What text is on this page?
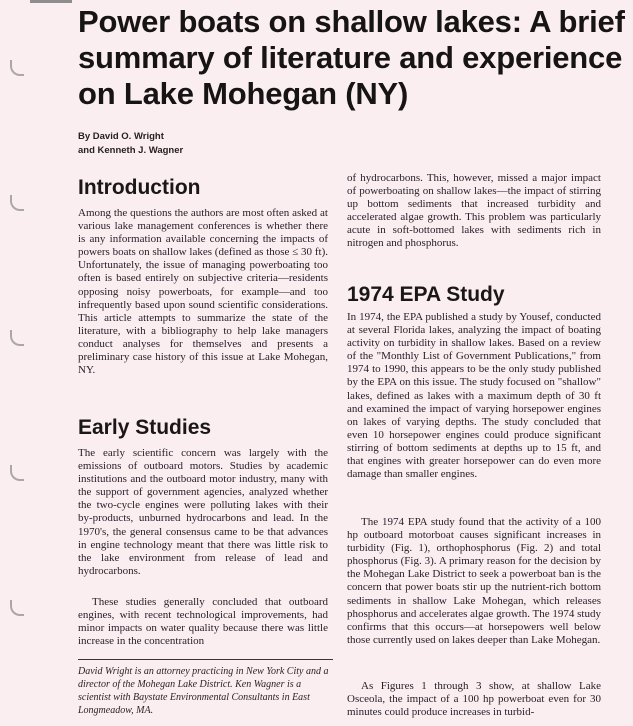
Power boats on shallow lakes: A brief summary of literature and experience on Lake Mohegan (NY)
By David O. Wright
and Kenneth J. Wagner
Introduction

Among the questions the authors are most often asked at various lake management conferences is whether there is any information available concerning the impacts of powers boats on shallow lakes (defined as those ≤ 30 ft). Unfortunately, the issue of managing powerboating too often is based entirely on subjective criteria—residents opposing noisy powerboats, for example—and too infrequently based upon sound scientific considerations. This article attempts to summarize the state of the literature, with a bibliography to help lake managers conduct analyses for themselves and presents a preliminary case history of this issue at Lake Mohegan, NY.

Early Studies

The early scientific concern was largely with the emissions of outboard motors. Studies by academic institutions and the outboard motor industry, many with the support of government agencies, analyzed whether the two-cycle engines were polluting lakes with their by-products, unburned hydrocarbons and lead. In the 1970's, the general consensus came to be that advances in engine technology meant that there was little risk to the lake environment from release of lead and hydrocarbons.

These studies generally concluded that outboard engines, with recent technological improvements, had minor impacts on water quality because there was little increase in the concentration

David Wright is an attorney practicing in New York City and a director of the Mohegan Lake District. Ken Wagner is a scientist with Baystate Environmental Consultants in East Longmeadow, MA.

of hydrocarbons. This, however, missed a major impact of powerboating on shallow lakes—the impact of stirring up bottom sediments that increased turbidity and accelerated algae growth. This problem was particularly acute in soft-bottomed lakes with sediments rich in nitrogen and phosphorus.

1974 EPA Study

In 1974, the EPA published a study by Yousef, conducted at several Florida lakes, analyzing the impact of boating activity on turbidity in shallow lakes. Based on a review of the "Monthly List of Government Publications," from 1974 to 1990, this appears to be the only study published by the EPA on this issue. The study focused on "shallow" lakes, defined as lakes with a maximum depth of 30 ft and examined the impact of varying horsepower engines on lakes of varying depths. The study concluded that even 10 horsepower engines could produce significant stirring of bottom sediments at depths up to 15 ft, and that engines with greater horsepower can do even more damage than smaller engines.

The 1974 EPA study found that the activity of a 100 hp outboard motorboat causes significant increases in turbidity (Fig. 1), orthophosphorus (Fig. 2) and total phosphorus (Fig. 3). A primary reason for the decision by the Mohegan Lake District to seek a powerboat ban is the concern that power boats stir up the nutrient-rich bottom sediments in shallow Lake Mohegan, which releases phosphorus and accelerates algae growth. The 1974 study confirms that this occurs—at horsepowers well below those currently used on lakes deeper than Lake Mohegan.

As Figures 1 through 3 show, at shallow Lake Osceola, the impact of a 100 hp powerboat even for 30 minutes could produce increases in turbid-
